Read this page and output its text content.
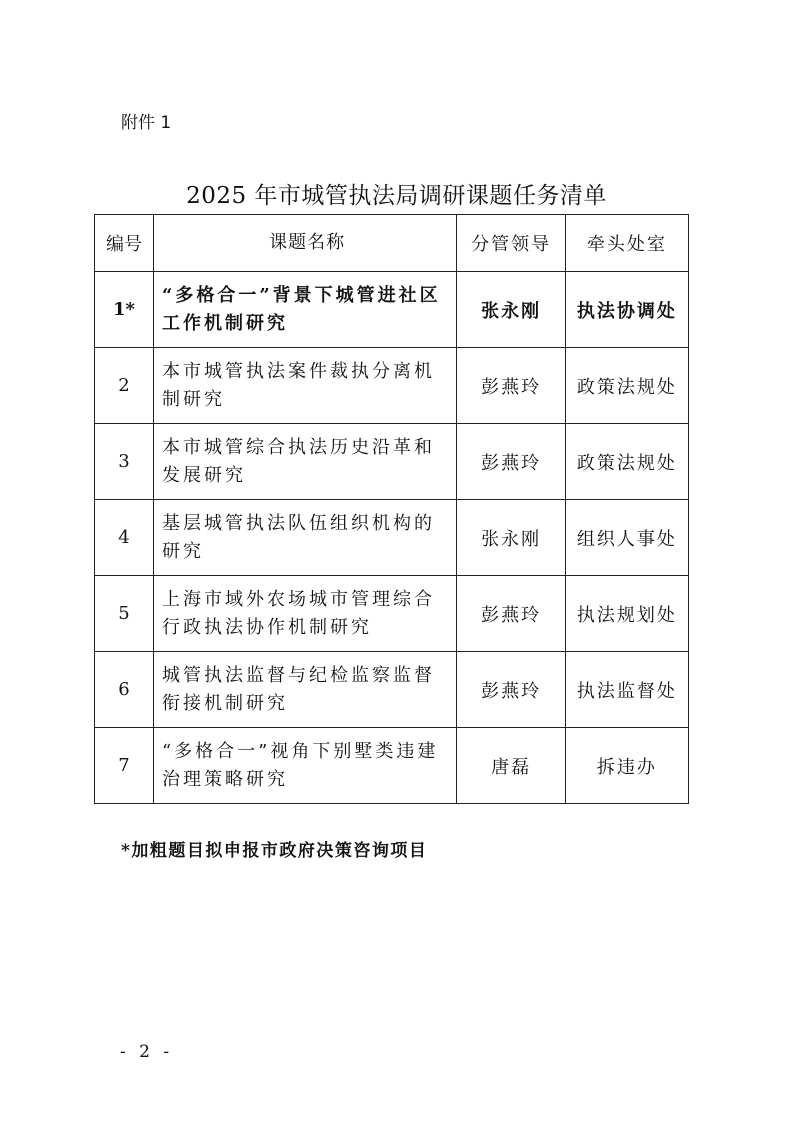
附件 1
2025 年市城管执法局调研课题任务清单
编号	课题名称	分管领导	牵头处室
1*	“多格合一”背景下城管进社区工作机制研究	张永刚	执法协调处
2	本市城管执法案件裁执分离机制研究	彭燕玲	政策法规处
3	本市城管综合执法历史沿革和发展研究	彭燕玲	政策法规处
4	基层城管执法队伍组织机构的研究	张永刚	组织人事处
5	上海市域外农场城市管理综合行政执法协作机制研究	彭燕玲	执法规划处
6	城管执法监督与纪检监察监督衔接机制研究	彭燕玲	执法监督处
7	“多格合一”视角下别墅类违建治理策略研究	唐磊	拆违办
*加粗题目拟申报市政府决策咨询项目
- 2 -
